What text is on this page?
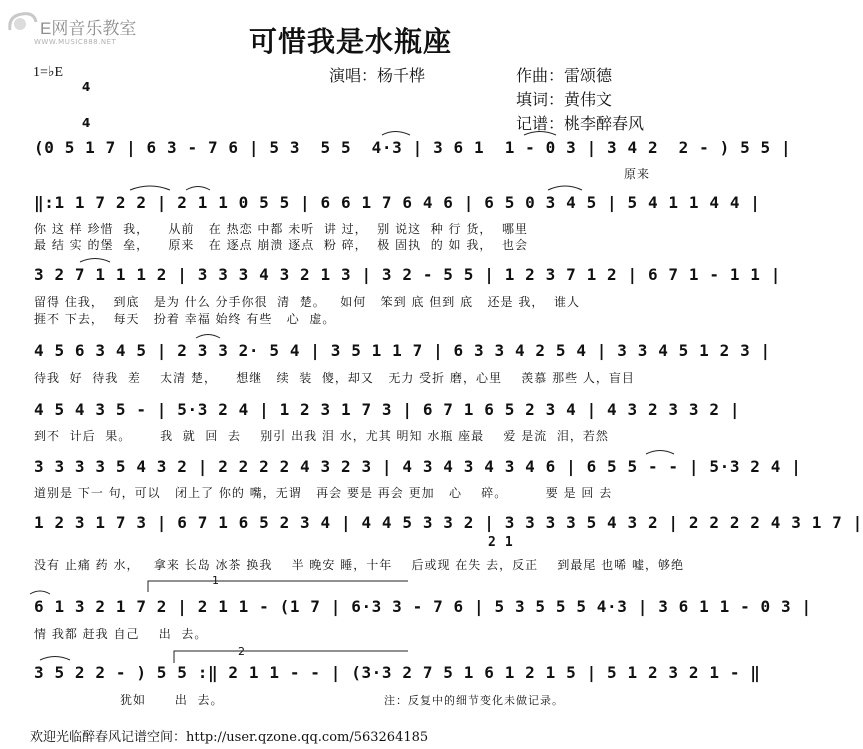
E网音乐教室
WWW.MUSIC888.NET	可惜我是水瓶座
演唱：杨千桦	作曲：雷颂德
填词：黄伟文
记谱：桃李醉春风
1=♭E

4

4

(0 5 1 7 | 6 3 - 7 6 | 5 3  5 5  4·3 | 3 6 1  1 - 0 3 | 3 4 2  2 - ) 5 5 |
原来
‖:1 1 7 2 2 | 2 1 1 0 5 5 | 6 6 1 7 6 4 6 | 6 5 0 3 4 5 | 5 4 1 1 4 4 |
你 这 样 珍惜  我，    从前   在 热恋 中都 未听  讲 过，  别 说这  种 行 货，  哪里
最 结 实 的堡  垒，    原来   在 逐点 崩溃 逐点  粉 碎，  极 固执  的 如 我，  也会
3 2 7 1 1 1 2 | 3 3 3 4 3 2 1 3 | 3 2 - 5 5 | 1 2 3 7 1 2 | 6 7 1 - 1 1 |
留得 住我，  到底   是为 什么 分手你很  清  楚。   如何   笨到 底 但到 底   还是 我，  谁人
捱不 下去，  每天   扮着 幸福 始终 有些   心  虚。
4 5 6 3 4 5 | 2 3 3 2· 5 4 | 3 5 1 1 7 | 6 3 3 4 2 5 4 | 3 3 4 5 1 2 3 |
待我  好  待我  差    太清 楚，    想继   续  装  傻，却又   无力 受折 磨，心里    羡慕 那些 人，盲目
4 5 4 3 5 - | 5·3 2 4 | 1 2 3 1 7 3 | 6 7 1 6 5 2 3 4 | 4 3 2 3 3 2 |
到不  计后  果。      我  就  回  去    别引 出我 泪 水，尤其 明知 水瓶 座最    爱 是流  泪，若然
3 3 3 3 5 4 3 2 | 2 2 2 2 4 3 2 3 | 4 3 4 3 4 3 4 6 | 6 5 5 - - | 5·3 2 4 |
道别是 下一 句，可以   闭上了 你的 嘴，无谓   再会 要是 再会 更加   心    碎。        要 是 回 去
1 2 3 1 7 3 | 6 7 1 6 5 2 3 4 | 4 4 5 3 3 2 | 3 3 3 3 5 4 3 2 | 2 2 2 2 4 3 1 7 |
2 1
没有 止痛 药 水，   拿来 长岛 冰茶 换我    半 晚安 睡，十年    后或现 在失 去，反正    到最尾 也唏 嘘，够绝
6 1 3 2 1 7 2 | 2 1 1 - (1 7 | 6·3 3 - 7 6 | 5 3 5 5 5 4·3 | 3 6 1 1 - 0 3 |
情 我都 赶我 自己    出  去。
1
2
3 5 2 2 - ) 5 5 :‖ 2 1 1 - - | (3·3 2 7 5 1 6 1 2 1 5 | 5 1 2 3 2 1 - ‖
犹如      出  去。	注：反复中的细节变化未做记录。
欢迎光临醉春风记谱空间：http://user.qzone.qq.com/563264185
